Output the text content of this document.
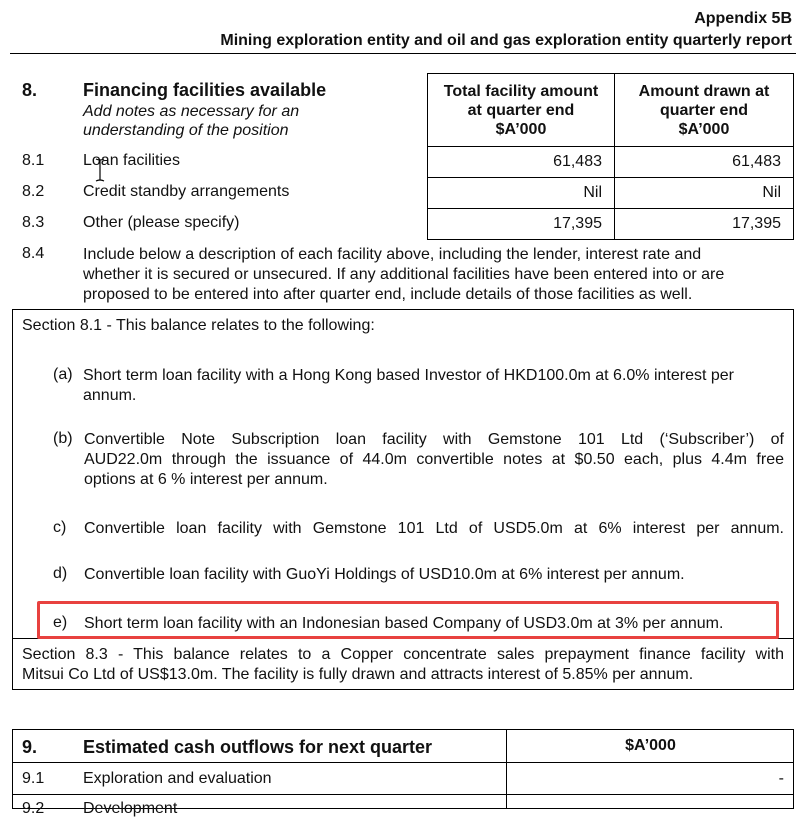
Appendix 5B
Mining exploration entity and oil and gas exploration entity quarterly report
8.	Financing facilities available
Add notes as necessary for an
understanding of the position
Total facility amount
at quarter end
$A’000
Amount drawn at
quarter end
$A’000
8.1 Loan facilities	61,483	61,483
8.2 Credit standby arrangements	Nil	Nil
8.3 Other (please specify)	17,395	17,395
8.4 Include below a description of each facility above, including the lender, interest rate and
whether it is secured or unsecured. If any additional facilities have been entered into or are
proposed to be entered into after quarter end, include details of those facilities as well.
Section 8.1 - This balance relates to the following:
(a) Short term loan facility with a Hong Kong based Investor of HKD100.0m at 6.0% interest per
annum.
(b) Convertible Note Subscription loan facility with Gemstone 101 Ltd (‘Subscriber’) of
AUD22.0m through the issuance of 44.0m convertible notes at $0.50 each, plus 4.4m free
options at 6 % interest per annum.
c) Convertible loan facility with Gemstone 101 Ltd of USD5.0m at 6% interest per annum.
d) Convertible loan facility with GuoYi Holdings of USD10.0m at 6% interest per annum.
e) Short term loan facility with an Indonesian based Company of USD3.0m at 3% per annum.
Section 8.3 - This balance relates to a Copper concentrate sales prepayment finance facility with
Mitsui Co Ltd of US$13.0m. The facility is fully drawn and attracts interest of 5.85% per annum.
9.	Estimated cash outflows for next quarter	$A’000
9.1 Exploration and evaluation	-
9.2 Development
